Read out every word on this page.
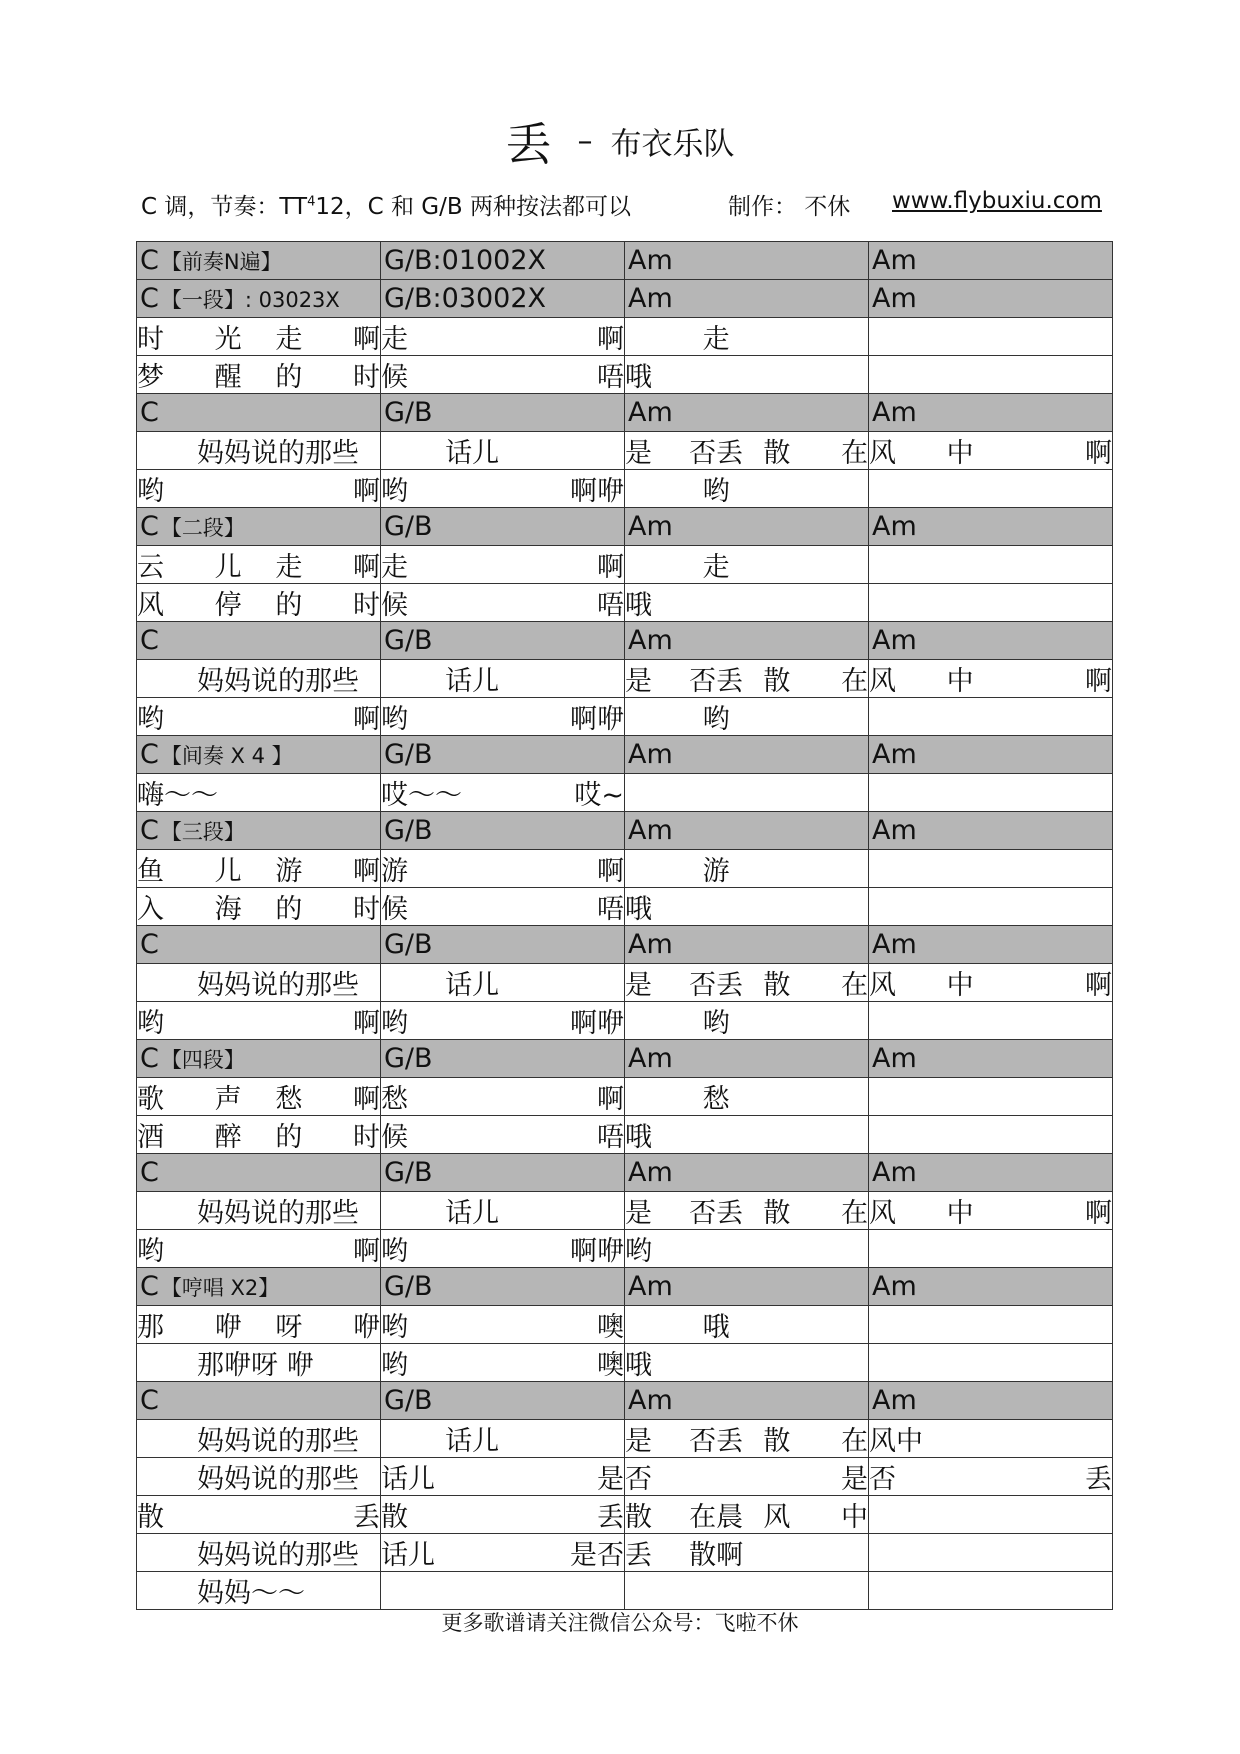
丢 – 布衣乐队
C 调，节奏：$TT^412$，C 和 G/B 两种按法都可以	制作： 不休 www.flybuxiu.com
C 【前奏N遍】	G/B:01002X	Am	Am

C 【一段】: 03023X	G/B:03002X	Am	Am

时 光 走 啊	走 啊	走	

梦 醒 的 时	候 唔	哦	

C	G/B	Am	Am

妈妈说的那些	话儿	是 否丢 散 在	风 中 啊

哟 啊	哟 啊咿	哟	

C 【二段】	G/B	Am	Am

云 儿 走 啊	走 啊	走	

风 停 的 时	候 唔	哦	

C	G/B	Am	Am

妈妈说的那些	话儿	是 否丢 散 在	风 中 啊

哟 啊	哟 啊咿	哟	

C 【间奏 X 4 】	G/B	Am	Am

嗨～～	哎～～ 哎~		

C 【三段】	G/B	Am	Am

鱼 儿 游 啊	游 啊	游	

入 海 的 时	候 唔	哦	

C	G/B	Am	Am

妈妈说的那些	话儿	是 否丢 散 在	风 中 啊

哟 啊	哟 啊咿	哟	

C 【四段】	G/B	Am	Am

歌 声 愁 啊	愁 啊	愁	

酒 醉 的 时	候 唔	哦	

C	G/B	Am	Am

妈妈说的那些	话儿	是 否丢 散 在	风 中 啊

哟 啊	哟 啊咿	哟	

C 【哼唱 X2】	G/B	Am	Am

那 咿 呀 咿	哟 噢	哦	

那咿呀 咿	哟 噢	哦	

C	G/B	Am	Am

妈妈说的那些	话儿	是 否丢 散 在	风中

妈妈说的那些	话儿 是	否 是	否 丢

散 丢	散 丢	散 在晨 风 中	

妈妈说的那些	话儿 是否	丢 散啊	

妈妈～～			

更多歌谱请关注微信公众号：飞啦不休
